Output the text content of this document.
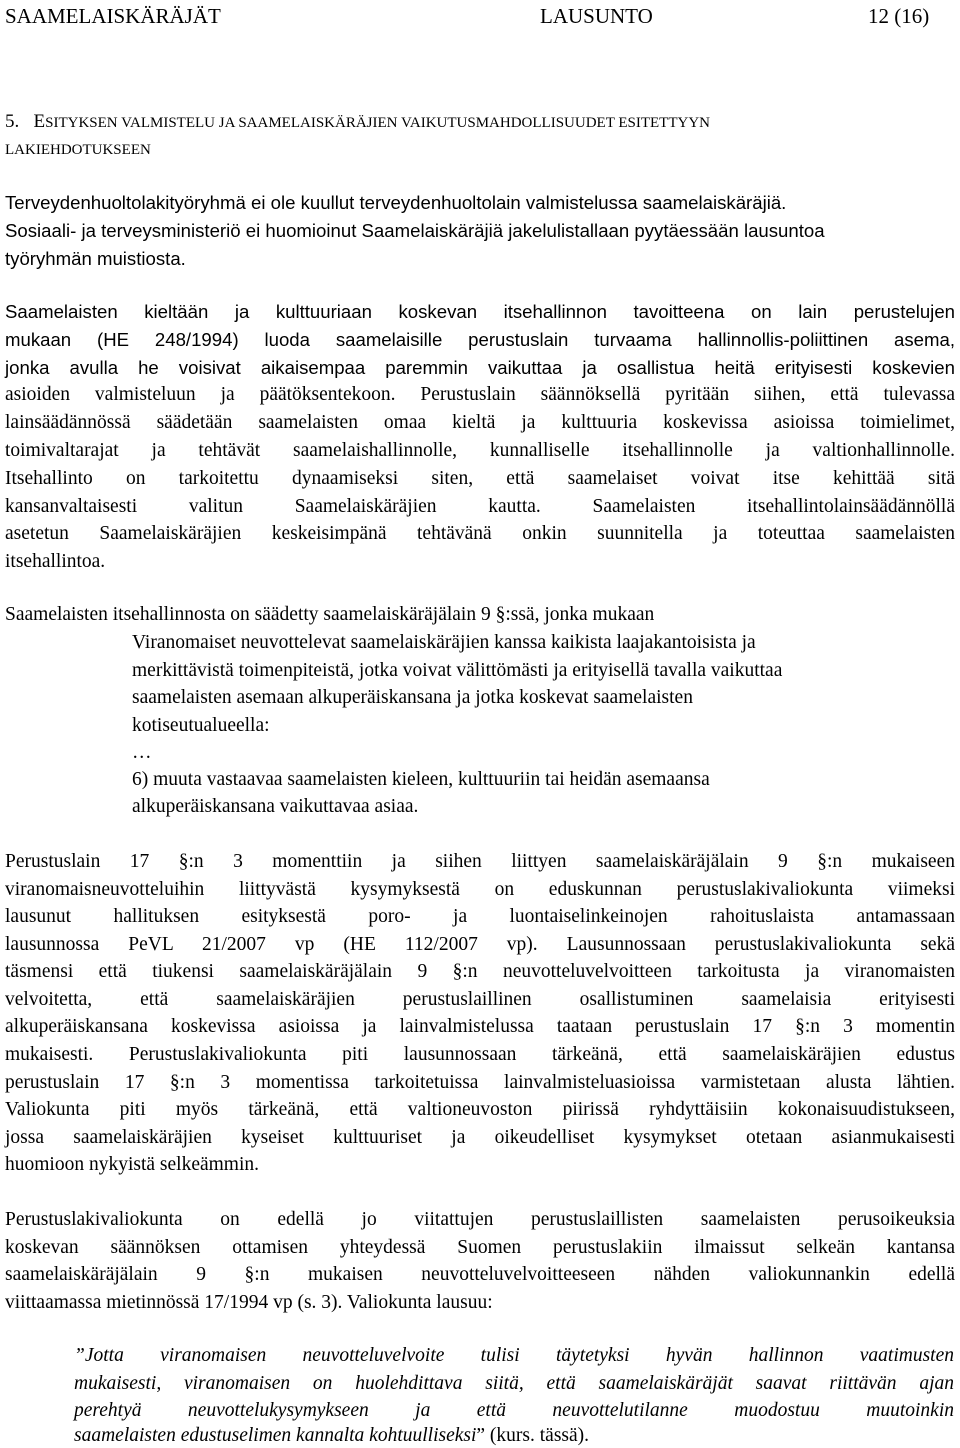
SAAMELAISKÄRÄJÄT	LAUSUNTO	12 (16)
5. ESITYKSEN VALMISTELU JA SAAMELAISKÄRÄJIEN VAIKUTUSMAHDOLLISUUDET ESITETTYYN
LAKIEHDOTUKSEEN
Terveydenhuoltolakityöryhmä ei ole kuullut terveydenhuoltolain valmistelussa saamelaiskäräjiä.
Sosiaali- ja terveysministeriö ei huomioinut Saamelaiskäräjiä jakelulistallaan pyytäessään lausuntoa
työryhmän muistiosta.
Saamelaisten kieltään ja kulttuuriaan koskevan itsehallinnon tavoitteena on lain perustelujen
mukaan (HE 248/1994) luoda saamelaisille perustuslain turvaama hallinnollis-poliittinen asema,
jonka avulla he voisivat aikaisempaa paremmin vaikuttaa ja osallistua heitä erityisesti koskevien
asioiden valmisteluun ja päätöksentekoon. Perustuslain säännöksellä pyritään siihen, että tulevassa
lainsäädännössä säädetään saamelaisten omaa kieltä ja kulttuuria koskevissa asioissa toimielimet,
toimivaltarajat ja tehtävät saamelaishallinnolle, kunnalliselle itsehallinnolle ja valtionhallinnolle.
Itsehallinto on tarkoitettu dynaamiseksi siten, että saamelaiset voivat itse kehittää sitä
kansanvaltaisesti valitun Saamelaiskäräjien kautta. Saamelaisten itsehallintolainsäädännöllä
asetetun Saamelaiskäräjien keskeisimpänä tehtävänä onkin suunnitella ja toteuttaa saamelaisten
itsehallintoa.
Saamelaisten itsehallinnosta on säädetty saamelaiskäräjälain 9 §:ssä, jonka mukaan
Viranomaiset neuvottelevat saamelaiskäräjien kanssa kaikista laajakantoisista ja
merkittävistä toimenpiteistä, jotka voivat välittömästi ja erityisellä tavalla vaikuttaa
saamelaisten asemaan alkuperäiskansana ja jotka koskevat saamelaisten
kotiseutualueella:
…
6) muuta vastaavaa saamelaisten kieleen, kulttuuriin tai heidän asemaansa
alkuperäiskansana vaikuttavaa asiaa.
Perustuslain 17 §:n 3 momenttiin ja siihen liittyen saamelaiskäräjälain 9 §:n mukaiseen
viranomaisneuvotteluihin liittyvästä kysymyksestä on eduskunnan perustuslakivaliokunta viimeksi
lausunut hallituksen esityksestä poro- ja luontaiselinkeinojen rahoituslaista antamassaan
lausunnossa PeVL 21/2007 vp (HE 112/2007 vp). Lausunnossaan perustuslakivaliokunta sekä
täsmensi että tiukensi saamelaiskäräjälain 9 §:n neuvotteluvelvoitteen tarkoitusta ja viranomaisten
velvoitetta, että saamelaiskäräjien perustuslaillinen osallistuminen saamelaisia erityisesti
alkuperäiskansana koskevissa asioissa ja lainvalmistelussa taataan perustuslain 17 §:n 3 momentin
mukaisesti. Perustuslakivaliokunta piti lausunnossaan tärkeänä, että saamelaiskäräjien edustus
perustuslain 17 §:n 3 momentissa tarkoitetuissa lainvalmisteluasioissa varmistetaan alusta lähtien.
Valiokunta piti myös tärkeänä, että valtioneuvoston piirissä ryhdyttäisiin kokonaisuudistukseen,
jossa saamelaiskäräjien kyseiset kulttuuriset ja oikeudelliset kysymykset otetaan asianmukaisesti
huomioon nykyistä selkeämmin.
Perustuslakivaliokunta on edellä jo viitattujen perustuslaillisten saamelaisten perusoikeuksia
koskevan säännöksen ottamisen yhteydessä Suomen perustuslakiin ilmaissut selkeän kantansa
saamelaiskäräjälain 9 §:n mukaisen neuvotteluvelvoitteeseen nähden valiokunnankin edellä
viittaamassa mietinnössä 17/1994 vp (s. 3). Valiokunta lausuu:
”Jotta viranomaisen neuvotteluvelvoite tulisi täytetyksi hyvän hallinnon vaatimusten
mukaisesti, viranomaisen on huolehdittava siitä, että saamelaiskäräjät saavat riittävän ajan
perehtyä neuvottelukysymykseen ja että neuvottelutilanne muodostuu muutoinkin
saamelaisten edustuselimen kannalta kohtuulliseksi” (kurs. tässä).
